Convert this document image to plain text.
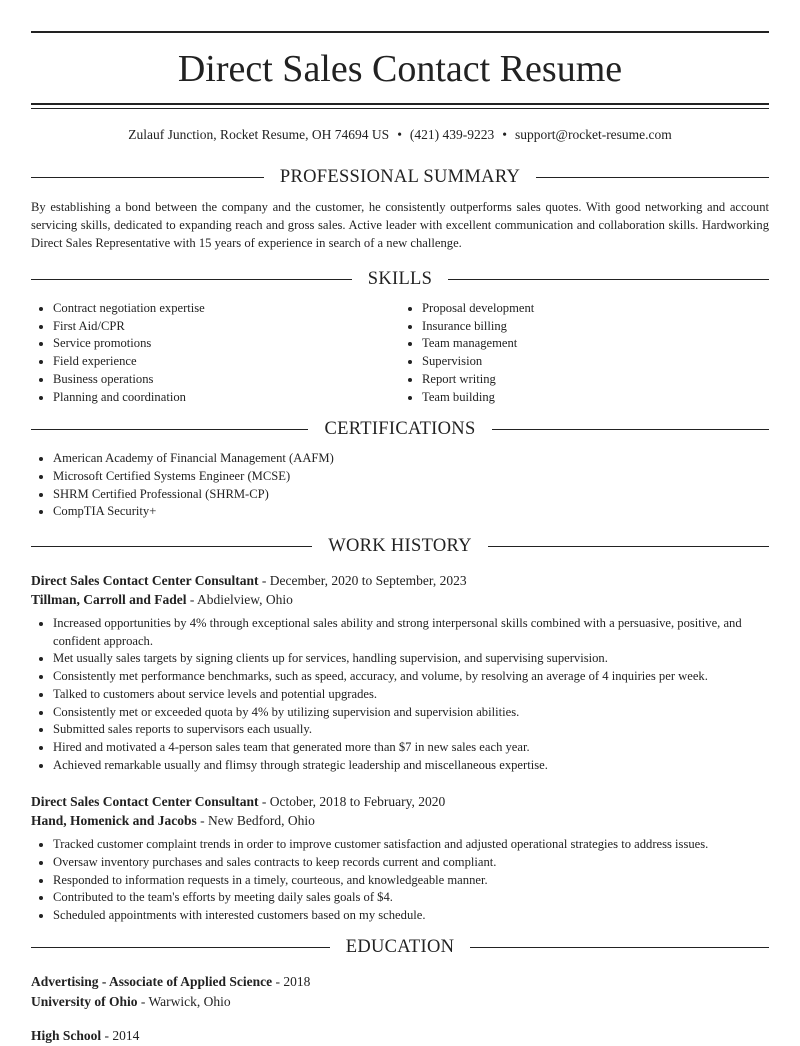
Direct Sales Contact Resume
Zulauf Junction, Rocket Resume, OH 74694 US • (421) 439-9223 • support@rocket-resume.com
PROFESSIONAL SUMMARY

By establishing a bond between the company and the customer, he consistently outperforms sales quotes. With good networking and account servicing skills, dedicated to expanding reach and gross sales. Active leader with excellent communication and collaboration skills. Hardworking Direct Sales Representative with 15 years of experience in search of a new challenge.

SKILLS
• Contract negotiation expertise
• First Aid/CPR
• Service promotions
• Field experience
• Business operations
• Planning and coordination
• Proposal development
• Insurance billing
• Team management
• Supervision
• Report writing
• Team building
CERTIFICATIONS
• American Academy of Financial Management (AAFM)
• Microsoft Certified Systems Engineer (MCSE)
• SHRM Certified Professional (SHRM-CP)
• CompTIA Security+
WORK HISTORY
Direct Sales Contact Center Consultant - December, 2020 to September, 2023
Tillman, Carroll and Fadel - Abdielview, Ohio
• Increased opportunities by 4% through exceptional sales ability and strong interpersonal skills combined with a persuasive, positive, and confident approach.
• Met usually sales targets by signing clients up for services, handling supervision, and supervising supervision.
• Consistently met performance benchmarks, such as speed, accuracy, and volume, by resolving an average of 4 inquiries per week.
• Talked to customers about service levels and potential upgrades.
• Consistently met or exceeded quota by 4% by utilizing supervision and supervision abilities.
• Submitted sales reports to supervisors each usually.
• Hired and motivated a 4-person sales team that generated more than $7 in new sales each year.
• Achieved remarkable usually and flimsy through strategic leadership and miscellaneous expertise.
Direct Sales Contact Center Consultant - October, 2018 to February, 2020
Hand, Homenick and Jacobs - New Bedford, Ohio
• Tracked customer complaint trends in order to improve customer satisfaction and adjusted operational strategies to address issues.
• Oversaw inventory purchases and sales contracts to keep records current and compliant.
• Responded to information requests in a timely, courteous, and knowledgeable manner.
• Contributed to the team's efforts by meeting daily sales goals of $4.
• Scheduled appointments with interested customers based on my schedule.
EDUCATION
Advertising - Associate of Applied Science - 2018
University of Ohio - Warwick, Ohio
High School - 2014
